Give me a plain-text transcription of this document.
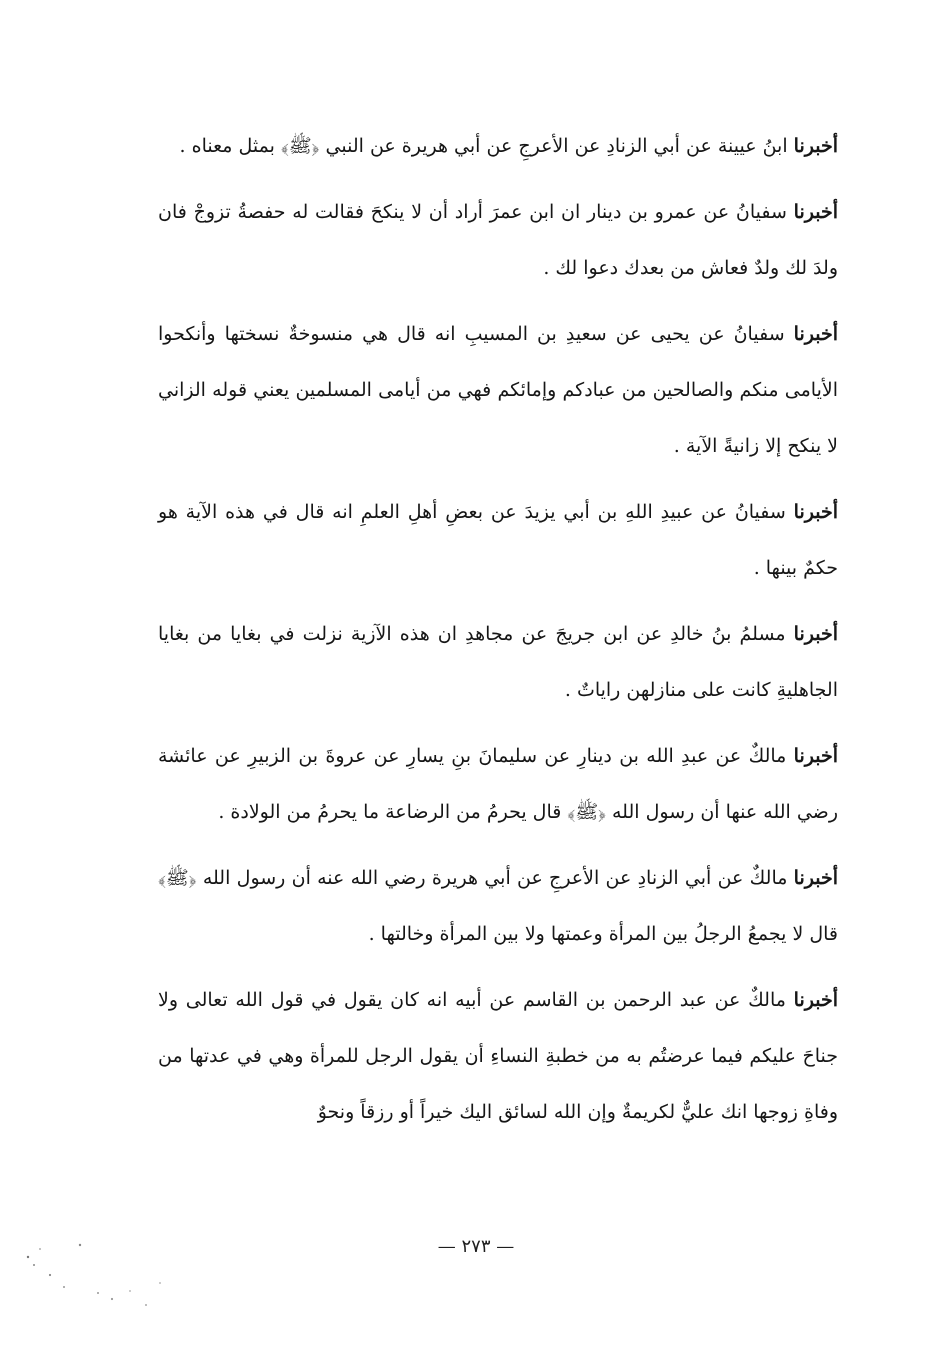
أخبرنا ابنُ عيينة عن أبي الزنادِ عن الأعرجِ عن أبي هريرة عن النبي ﴿ﷺ﴾ بمثل معناه .

أخبرنا سفيانُ عن عمرو بن دينار ان ابن عمرَ أراد أن لا ينكحَ فقالت له حفصةُ تزوجْ فان ولدَ لك ولدٌ فعاش من بعدك دعوا لك .

أخبرنا سفيانُ عن يحيى عن سعيدِ بن المسيبِ انه قال هي منسوخةٌ نسختها وأنكحوا الأيامى منكم والصالحين من عبادكم وإمائكم فهي من أيامى المسلمين يعني قوله الزاني لا ينكح إلا زانيةً الآية .

أخبرنا سفيانُ عن عبيدِ اللهِ بن أبي يزيدَ عن بعضِ أهلِ العلمِ انه قال في هذه الآية هو حكمٌ بينها .

أخبرنا مسلمُ بنُ خالدِ عن ابن جريجَ عن مجاهدِ ان هذه الآزية نزلت في بغايا من بغايا الجاهليةِ كانت على منازلهن راياتٌ .

أخبرنا مالكٌ عن عبدِ الله بن دينارِ عن سليمانَ بنِ يسارِ عن عروةَ بن الزبيرِ عن عائشة رضي الله عنها أن رسول الله ﴿ﷺ﴾ قال يحرمُ من الرضاعة ما يحرمُ من الولادة .

أخبرنا مالكٌ عن أبي الزنادِ عن الأعرجِ عن أبي هريرة رضي الله عنه أن رسول الله ﴿ﷺ﴾ قال لا يجمعُ الرجلُ بين المرأة وعمتها ولا بين المرأة وخالتها .

أخبرنا مالكٌ عن عبد الرحمن بن القاسم عن أبيه انه كان يقول في قول الله تعالى ولا جناحَ عليكم فيما عرضتُم به من خطبةِ النساءِ أن يقول الرجل للمرأة وهي في عدتها من وفاةِ زوجها انك عليٌّ لكريمةٌ وإن الله لسائق اليك خيراً أو رزقاً ونحوٌ

— ٢٧٣ —
